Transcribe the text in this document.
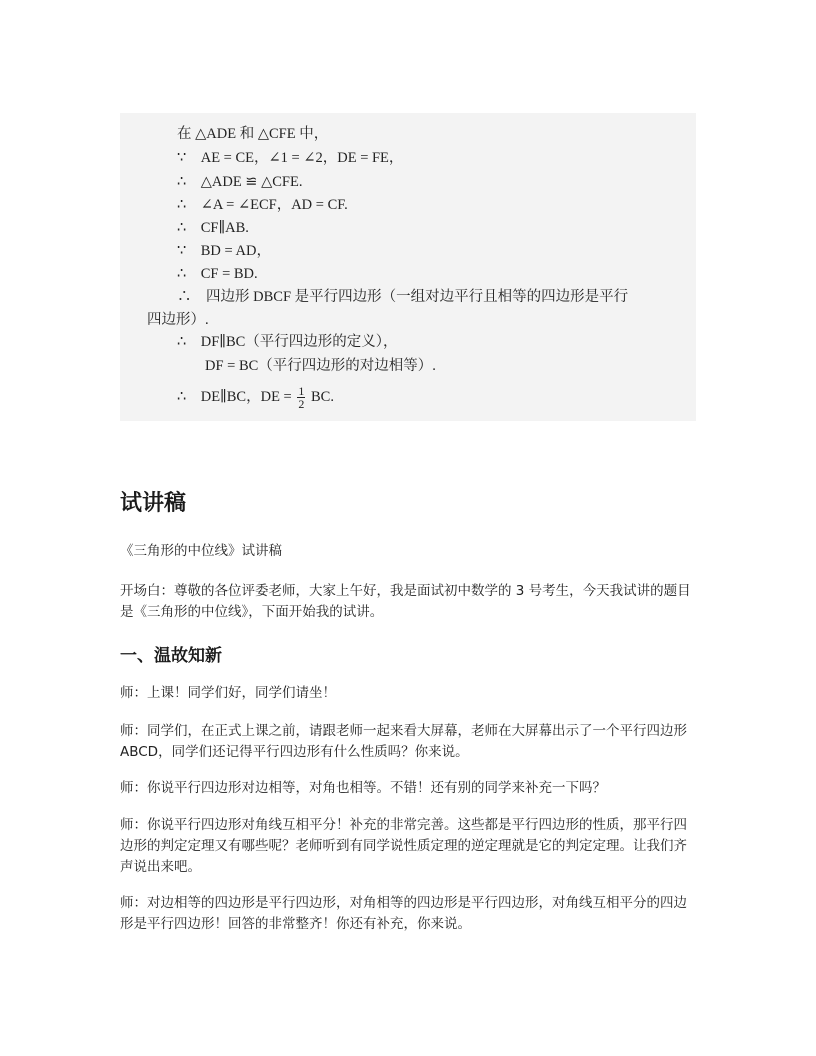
在 △ADE 和 △CFE 中，
∵　AE = CE，∠1 = ∠2，DE = FE，
∴　△ADE ≌ △CFE.
∴　∠A = ∠ECF，AD = CF.
∴　CF∥AB.
∵　BD = AD，
∴　CF = BD.
∴　四边形 DBCF 是平行四边形（一组对边平行且相等的四边形是平行
四边形）.
∴　DF∥BC（平行四边形的定义），
DF = BC（平行四边形的对边相等）.
∴　DE∥BC，DE = $\frac{1}{2}$ BC.
试讲稿
《三角形的中位线》试讲稿
开场白：尊敬的各位评委老师，大家上午好，我是面试初中数学的 3 号考生，今天我试讲的题目是《三角形的中位线》，下面开始我的试讲。
一、温故知新
师：上课！同学们好，同学们请坐！
师：同学们，在正式上课之前，请跟老师一起来看大屏幕，老师在大屏幕出示了一个平行四边形 ABCD，同学们还记得平行四边形有什么性质吗？你来说。
师：你说平行四边形对边相等，对角也相等。不错！还有别的同学来补充一下吗？
师：你说平行四边形对角线互相平分！补充的非常完善。这些都是平行四边形的性质，那平行四边形的判定定理又有哪些呢？老师听到有同学说性质定理的逆定理就是它的判定定理。让我们齐声说出来吧。
师：对边相等的四边形是平行四边形，对角相等的四边形是平行四边形，对角线互相平分的四边形是平行四边形！回答的非常整齐！你还有补充，你来说。
